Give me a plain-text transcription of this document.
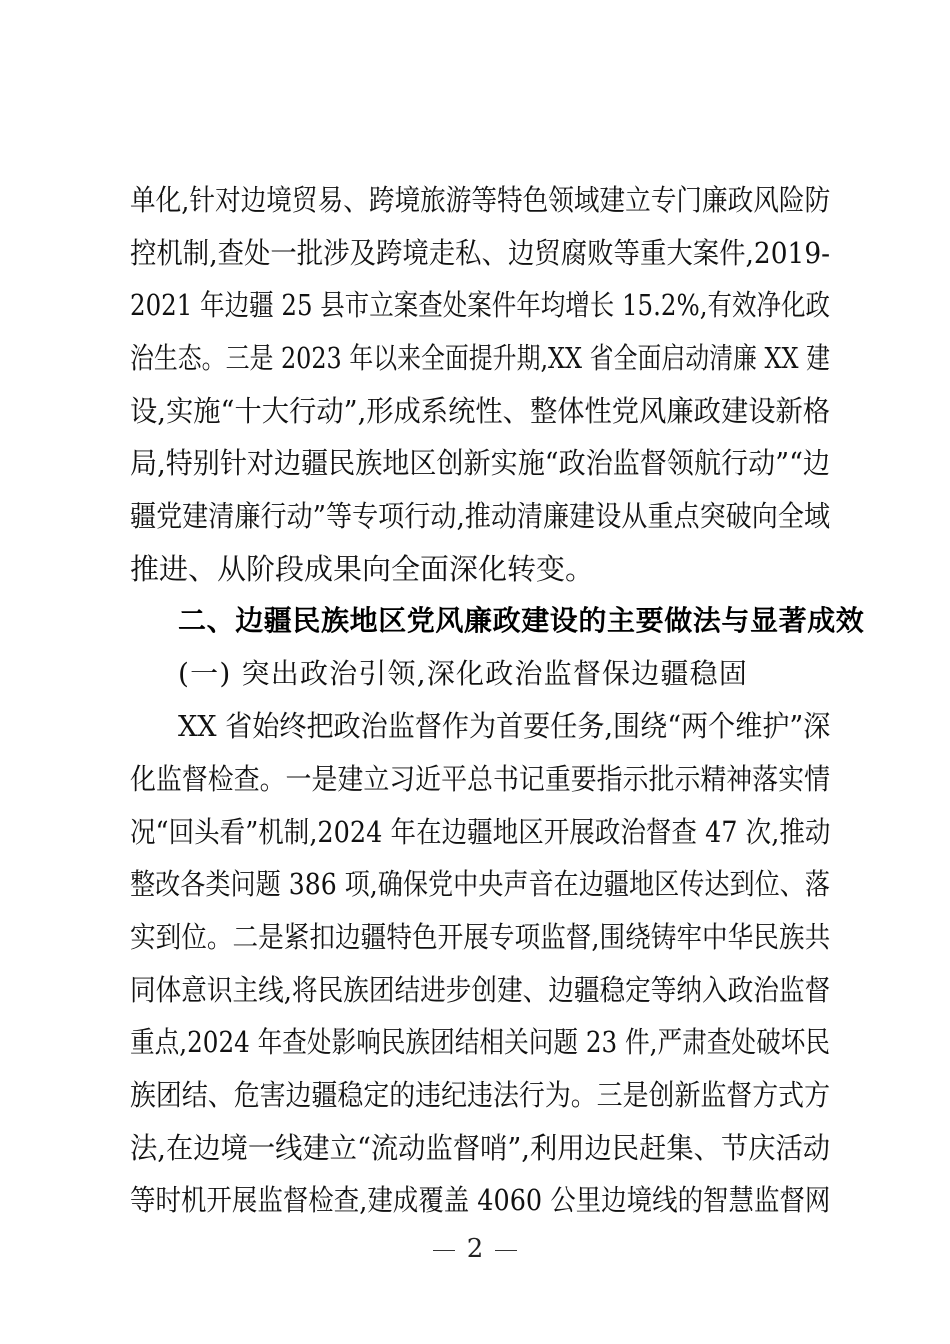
单化,针对边境贸易、跨境旅游等特色领域建立专门廉政风险防
控机制,查处一批涉及跨境走私、边贸腐败等重大案件,2019-
2021 年边疆 25 县市立案查处案件年均增长 15.2%,有效净化政
治生态。三是 2023 年以来全面提升期,XX 省全面启动清廉 XX 建
设,实施“十大行动”,形成系统性、整体性党风廉政建设新格
局,特别针对边疆民族地区创新实施“政治监督领航行动”“边
疆党建清廉行动”等专项行动,推动清廉建设从重点突破向全域
推进、从阶段成果向全面深化转变。
二、边疆民族地区党风廉政建设的主要做法与显著成效
(一) 突出政治引领,深化政治监督保边疆稳固
XX 省始终把政治监督作为首要任务,围绕“两个维护”深
化监督检查。一是建立习近平总书记重要指示批示精神落实情
况“回头看”机制,2024 年在边疆地区开展政治督查 47 次,推动
整改各类问题 386 项,确保党中央声音在边疆地区传达到位、落
实到位。二是紧扣边疆特色开展专项监督,围绕铸牢中华民族共
同体意识主线,将民族团结进步创建、边疆稳定等纳入政治监督
重点,2024 年查处影响民族团结相关问题 23 件,严肃查处破坏民
族团结、危害边疆稳定的违纪违法行为。三是创新监督方式方
法,在边境一线建立“流动监督哨”,利用边民赶集、节庆活动
等时机开展监督检查,建成覆盖 4060 公里边境线的智慧监督网
2
